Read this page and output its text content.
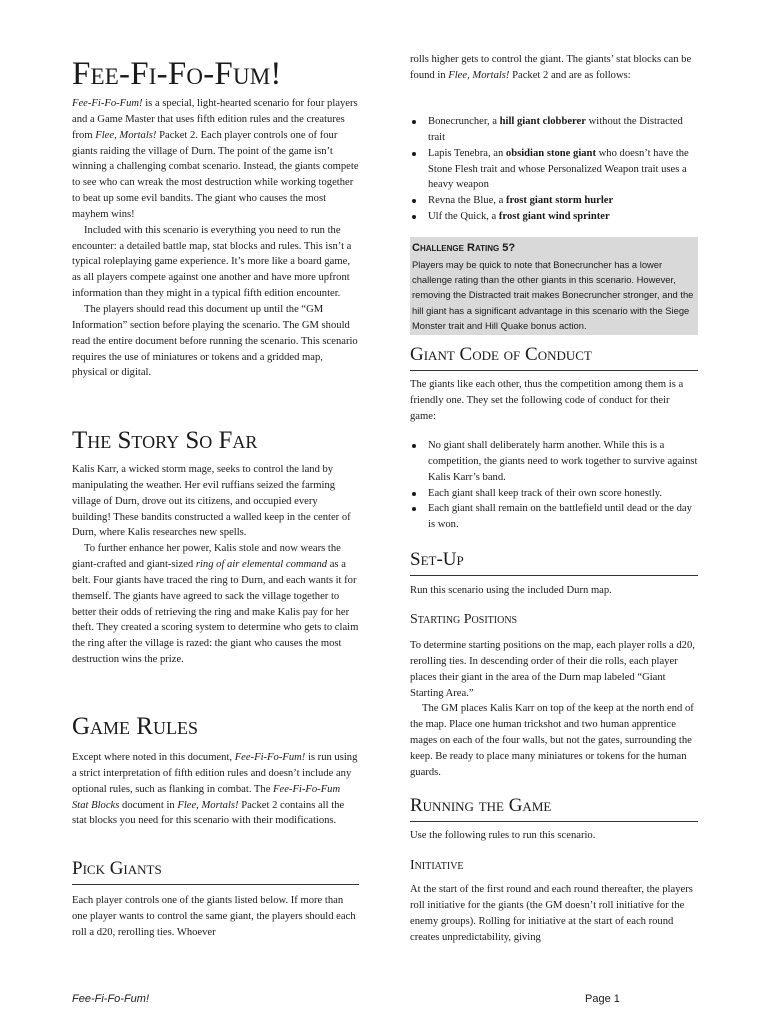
Fee-Fi-Fo-Fum!

Fee-Fi-Fo-Fum! is a special, light-hearted scenario for four players and a Game Master that uses fifth edition rules and the creatures from Flee, Mortals! Packet 2. Each player controls one of four giants raiding the village of Durn. The point of the game isn’t winning a challenging combat scenario. Instead, the giants compete to see who can wreak the most destruction while working together to beat up some evil bandits. The giant who causes the most mayhem wins!

Included with this scenario is everything you need to run the encounter: a detailed battle map, stat blocks and rules. This isn’t a typical roleplaying game experience. It’s more like a board game, as all players compete against one another and have more upfront information than they might in a typical fifth edition encounter.

The players should read this document up until the “GM Information” section before playing the scenario. The GM should read the entire document before running the scenario. This scenario requires the use of miniatures or tokens and a gridded map, physical or digital.

The Story So Far

Kalis Karr, a wicked storm mage, seeks to control the land by manipulating the weather. Her evil ruffians seized the farming village of Durn, drove out its citizens, and occupied every building! These bandits constructed a walled keep in the center of Durn, where Kalis researches new spells.

To further enhance her power, Kalis stole and now wears the giant-crafted and giant-sized ring of air elemental command as a belt. Four giants have traced the ring to Durn, and each wants it for themself. The giants have agreed to sack the village together to better their odds of retrieving the ring and make Kalis pay for her theft. They created a scoring system to determine who gets to claim the ring after the village is razed: the giant who causes the most destruction wins the prize.

Game Rules

Except where noted in this document, Fee-Fi-Fo-Fum! is run using a strict interpretation of fifth edition rules and doesn’t include any optional rules, such as flanking in combat. The Fee-Fi-Fo-Fum Stat Blocks document in Flee, Mortals! Packet 2 contains all the stat blocks you need for this scenario with their modifications.

Pick Giants

Each player controls one of the giants listed below. If more than one player wants to control the same giant, the players should each roll a d20, rerolling ties. Whoever

rolls higher gets to control the giant. The giants’ stat blocks can be found in Flee, Mortals! Packet 2 and are as follows:

Bonecruncher, a hill giant clobberer without the Distracted trait
Lapis Tenebra, an obsidian stone giant who doesn’t have the Stone Flesh trait and whose Personalized Weapon trait uses a heavy weapon
Revna the Blue, a frost giant storm hurler
Ulf the Quick, a frost giant wind sprinter
Challenge Rating 5?

Players may be quick to note that Bonecruncher has a lower challenge rating than the other giants in this scenario. However, removing the Distracted trait makes Bonecruncher stronger, and the hill giant has a significant advantage in this scenario with the Siege Monster trait and Hill Quake bonus action.

Giant Code of Conduct

The giants like each other, thus the competition among them is a friendly one. They set the following code of conduct for their game:

No giant shall deliberately harm another. While this is a competition, the giants need to work together to survive against Kalis Karr’s band.
Each giant shall keep track of their own score honestly.
Each giant shall remain on the battlefield until dead or the day is won.
Set-Up

Run this scenario using the included Durn map.

Starting Positions

To determine starting positions on the map, each player rolls a d20, rerolling ties. In descending order of their die rolls, each player places their giant in the area of the Durn map labeled “Giant Starting Area.”

The GM places Kalis Karr on top of the keep at the north end of the map. Place one human trickshot and two human apprentice mages on each of the four walls, but not the gates, surrounding the keep. Be ready to place many miniatures or tokens for the human guards.

Running the Game

Use the following rules to run this scenario.

Initiative

At the start of the first round and each round thereafter, the players roll initiative for the giants (the GM doesn’t roll initiative for the enemy groups). Rolling for initiative at the start of each round creates unpredictability, giving

Fee-Fi-Fo-Fum!	Page 1
